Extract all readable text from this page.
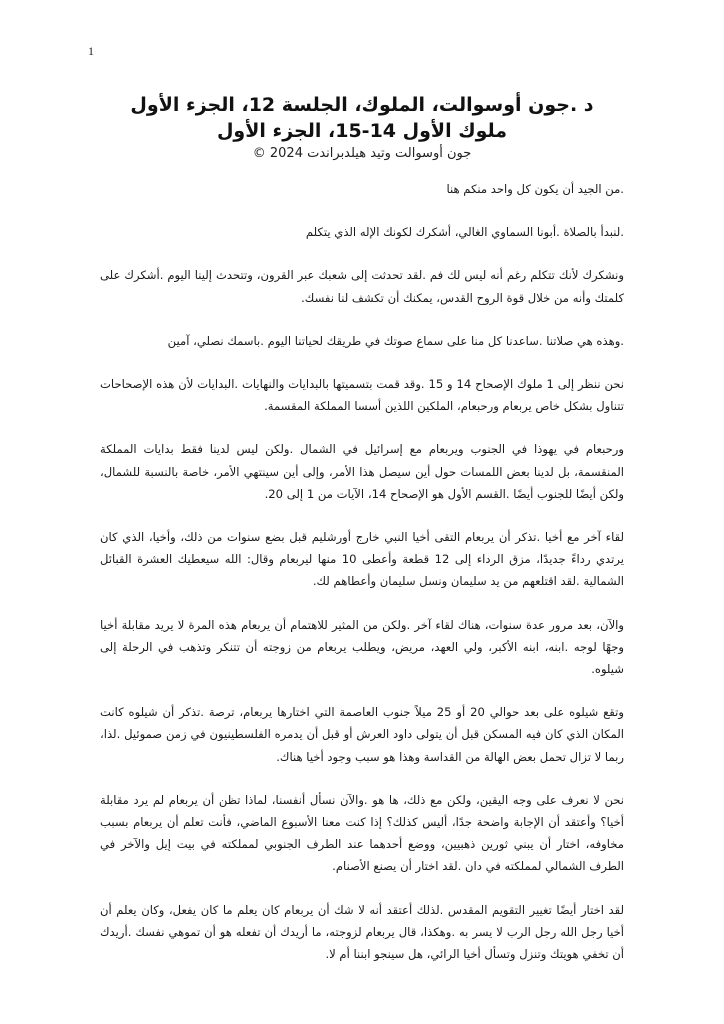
1

د .جون أوسوالت، الملوك، الجلسة 12، الجزء الأول

ملوك الأول 14-15، الجزء الأول

جون أوسوالت وتيد هيلدبراندت 2024 ©

.من الجيد أن يكون كل واحد منكم هنا

.لنبدأ بالصلاة .أبونا السماوي الغالي، أشكرك لكونك الإله الذي يتكلم

ونشكرك لأنك تتكلم رغم أنه ليس لك فم .لقد تحدثت إلى شعبك عبر القرون، وتتحدث إلينا اليوم .أشكرك على كلمتك وأنه من خلال قوة الروح القدس، يمكنك أن تكشف لنا نفسك.

.وهذه هي صلاتنا .ساعدنا كل منا على سماع صوتك في طريقك لحياتنا اليوم .باسمك نصلي، آمين

نحن ننظر إلى 1 ملوك الإصحاح 14 و 15 .وقد قمت بتسميتها بالبدايات والنهايات .البدايات لأن هذه الإصحاحات تتناول بشكل خاص يربعام ورحبعام، الملكين اللذين أسسا المملكة المقسمة.

ورحبعام في يهوذا في الجنوب ويربعام مع إسرائيل في الشمال .ولكن ليس لدينا فقط بدايات المملكة المنقسمة، بل لدينا بعض اللمسات حول أين سيصل هذا الأمر، وإلى أين سينتهي الأمر، خاصة بالنسبة للشمال، ولكن أيضًا للجنوب أيضًا .القسم الأول هو الإصحاح 14، الآيات من 1 إلى 20.

لقاء آخر مع أخيا .تذكر أن يربعام التقى أخيا النبي خارج أورشليم قبل بضع سنوات من ذلك، وأخيا، الذي كان يرتدي رداءً جديدًا، مزق الرداء إلى 12 قطعة وأعطى 10 منها ليربعام وقال: الله سيعطيك العشرة القبائل الشمالية .لقد اقتلعهم من يد سليمان ونسل سليمان وأعطاهم لك.

والآن، بعد مرور عدة سنوات، هناك لقاء آخر .ولكن من المثير للاهتمام أن يربعام هذه المرة لا يريد مقابلة أخيا وجهًا لوجه .ابنه، ابنه الأكبر، ولي العهد، مريض، ويطلب يربعام من زوجته أن تتنكر وتذهب في الرحلة إلى شيلوه.

وتقع شيلوه على بعد حوالي 20 أو 25 ميلاً جنوب العاصمة التي اختارها يربعام، ترصة .تذكر أن شيلوه كانت المكان الذي كان فيه المسكن قبل أن يتولى داود العرش أو قبل أن يدمره الفلسطينيون في زمن صموئيل .لذا، ربما لا تزال تحمل بعض الهالة من القداسة وهذا هو سبب وجود أخيا هناك.

نحن لا نعرف على وجه اليقين، ولكن مع ذلك، ها هو .والآن نسأل أنفسنا، لماذا تظن أن يربعام لم يرد مقابلة أخيا؟ وأعتقد أن الإجابة واضحة جدًا، أليس كذلك؟ إذا كنت معنا الأسبوع الماضي، فأنت تعلم أن يربعام بسبب مخاوفه، اختار أن يبني ثورين ذهبيين، ووضع أحدهما عند الطرف الجنوبي لمملكته في بيت إيل والآخر في الطرف الشمالي لمملكته في دان .لقد اختار أن يصنع الأصنام.

لقد اختار أيضًا تغيير التقويم المقدس .لذلك أعتقد أنه لا شك أن يربعام كان يعلم ما كان يفعل، وكان يعلم أن أخيا رجل الله رجل الرب لا يسر به .وهكذا، قال يربعام لزوجته، ما أريدك أن تفعله هو أن تموهي نفسك .أريدك أن تخفي هويتك وتنزل وتسأل أخيا الرائي، هل سينجو ابننا أم لا.
